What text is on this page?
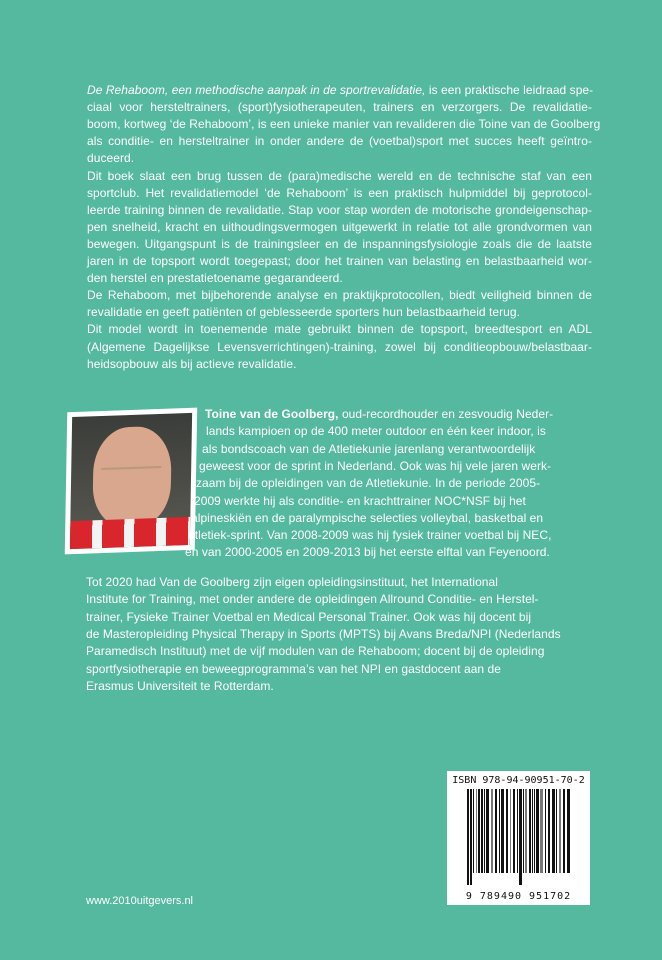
De Rehaboom, een methodische aanpak in de sportrevalidatie, is een praktische leidraad spe-
ciaal voor hersteltrainers, (sport)fysiotherapeuten, trainers en verzorgers. De revalidatie-
boom, kortweg ‘de Rehaboom’, is een unieke manier van revalideren die Toine van de Goolberg
als conditie- en hersteltrainer in onder andere de (voetbal)sport met succes heeft geïntro-
duceerd.
Dit boek slaat een brug tussen de (para)medische wereld en de technische staf van een
sportclub. Het revalidatiemodel ‘de Rehaboom’ is een praktisch hulpmiddel bij geprotocol-
leerde training binnen de revalidatie. Stap voor stap worden de motorische grondeigenschap-
pen snelheid, kracht en uithoudingsvermogen uitgewerkt in relatie tot alle grondvormen van
bewegen. Uitgangspunt is de trainingsleer en de inspanningsfysiologie zoals die de laatste
jaren in de topsport wordt toegepast; door het trainen van belasting en belastbaarheid wor-
den herstel en prestatietoename gegarandeerd.
De Rehaboom, met bijbehorende analyse en praktijkprotocollen, biedt veiligheid binnen de
revalidatie en geeft patiënten of geblesseerde sporters hun belastbaarheid terug.
Dit model wordt in toenemende mate gebruikt binnen de topsport, breedtesport en ADL
(Algemene Dagelijkse Levensverrichtingen)-training, zowel bij conditieopbouw/belastbaar-
heidsopbouw als bij actieve revalidatie.
Toine van de Goolberg, oud-recordhouder en zesvoudig Neder-
lands kampioen op de 400 meter outdoor en één keer indoor, is
als bondscoach van de Atletiekunie jarenlang verantwoordelijk
geweest voor de sprint in Nederland. Ook was hij vele jaren werk-
zaam bij de opleidingen van de Atletiekunie. In de periode 2005-
2009 werkte hij als conditie- en krachttrainer NOC*NSF bij het
alpineskiën en de paralympische selecties volleybal, basketbal en
atletiek-sprint. Van 2008-2009 was hij fysiek trainer voetbal bij NEC,
en van 2000-2005 en 2009-2013 bij het eerste elftal van Feyenoord.
Tot 2020 had Van de Goolberg zijn eigen opleidingsinstituut, het International
Institute for Training, met onder andere de opleidingen Allround Conditie- en Herstel-
trainer, Fysieke Trainer Voetbal en Medical Personal Trainer. Ook was hij docent bij
de Masteropleiding Physical Therapy in Sports (MPTS) bij Avans Breda/NPI (Nederlands
Paramedisch Instituut) met de vijf modulen van de Rehaboom; docent bij de opleiding
sportfysiotherapie en beweegprogramma’s van het NPI en gastdocent aan de
Erasmus Universiteit te Rotterdam.
ISBN 978-94-90951-70-2
9 789490 951702
www.2010uitgevers.nl
